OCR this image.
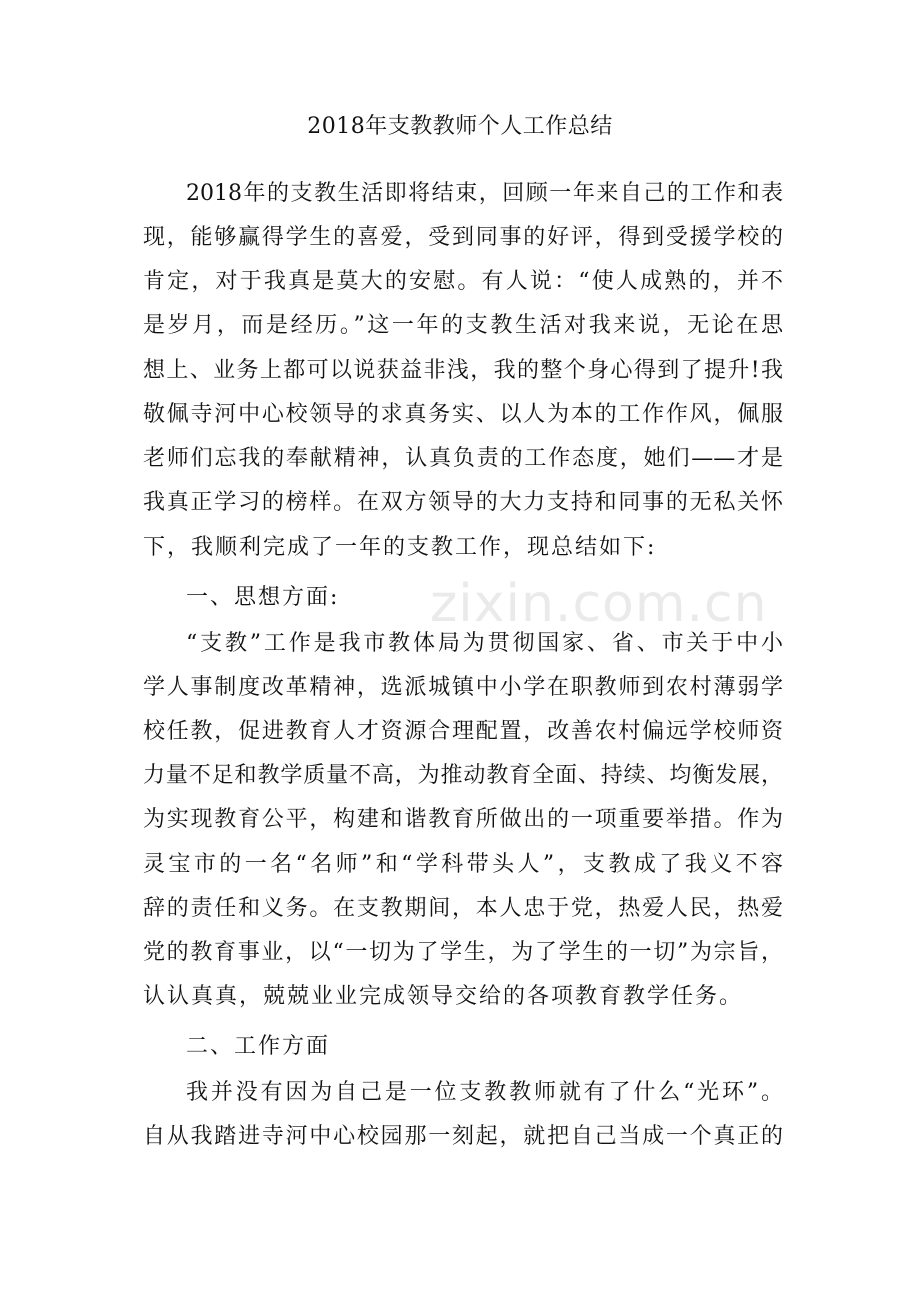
zixin.com.cn
2018年支教教师个人工作总结
2018年的支教生活即将结束，回顾一年来自己的工作和表
现，能够赢得学生的喜爱，受到同事的好评，得到受援学校的
肯定，对于我真是莫大的安慰。有人说：“使人成熟的，并不
是岁月，而是经历。”这一年的支教生活对我来说，无论在思
想上、业务上都可以说获益非浅，我的整个身心得到了提升!我
敬佩寺河中心校领导的求真务实、以人为本的工作作风，佩服
老师们忘我的奉献精神，认真负责的工作态度，她们——才是
我真正学习的榜样。在双方领导的大力支持和同事的无私关怀
下，我顺利完成了一年的支教工作，现总结如下:
一、思想方面:
“支教”工作是我市教体局为贯彻国家、省、市关于中小
学人事制度改革精神，选派城镇中小学在职教师到农村薄弱学
校任教，促进教育人才资源合理配置，改善农村偏远学校师资
力量不足和教学质量不高，为推动教育全面、持续、均衡发展，
为实现教育公平，构建和谐教育所做出的一项重要举措。作为
灵宝市的一名“名师”和“学科带头人”，支教成了我义不容
辞的责任和义务。在支教期间，本人忠于党，热爱人民，热爱
党的教育事业，以“一切为了学生，为了学生的一切”为宗旨，
认认真真，兢兢业业完成领导交给的各项教育教学任务。
二、工作方面
我并没有因为自己是一位支教教师就有了什么“光环”。
自从我踏进寺河中心校园那一刻起，就把自己当成一个真正的
